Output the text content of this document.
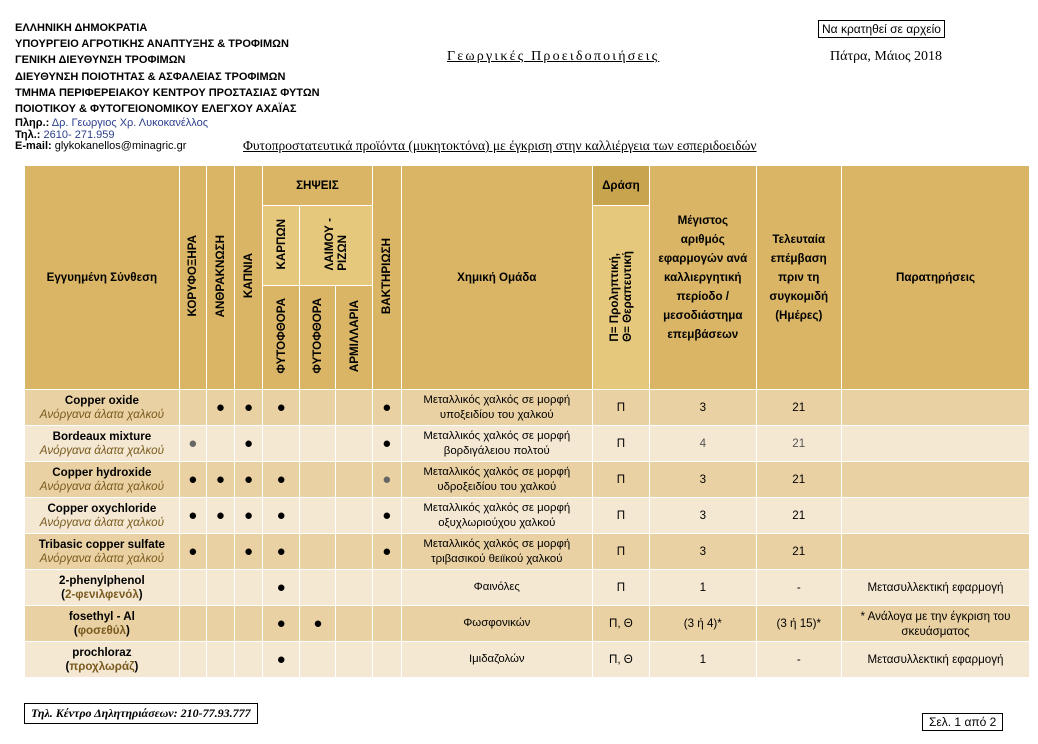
ΕΛΛΗΝΙΚΗ ΔΗΜΟΚΡΑΤΙΑ
ΥΠΟΥΡΓΕΙΟ ΑΓΡΟΤΙΚΗΣ ΑΝΑΠΤΥΞΗΣ & ΤΡΟΦΙΜΩΝ
ΓΕΝΙΚΗ ΔΙΕΥΘΥΝΣΗ ΤΡΟΦΙΜΩΝ
ΔΙΕΥΘΥΝΣΗ ΠΟΙΟΤΗΤΑΣ & ΑΣΦΑΛΕΙΑΣ ΤΡΟΦΙΜΩΝ
ΤΜΗΜΑ ΠΕΡΙΦΕΡΕΙΑΚΟΥ ΚΕΝΤΡΟΥ ΠΡΟΣΤΑΣΙΑΣ ΦΥΤΩΝ
ΠΟΙΟΤΙΚΟΥ & ΦΥΤΟΓΕΙΟΝΟΜΙΚΟΥ ΕΛΕΓΧΟΥ ΑΧΑΪΑΣ
Πληρ.: Δρ. Γεωργιος Χρ. Λυκοκανέλλος
Τηλ.: 2610- 271.959
E-mail: glykokanellos@minagric.gr
Να κρατηθεί σε αρχείο
Γεωργικές Προειδοποιήσεις	Πάτρα, Μάιος 2018
Φυτοπροστατευτικά προϊόντα (μυκητοκτόνα) με έγκριση στην καλλιέργεια των εσπεριδοειδών
Εγγυημένη Σύνθεση	ΚΟΡΥΦΟΞΗΡΑ	ΑΝΘΡΑΚΝΩΣΗ	ΚΑΠΝΙΑ	ΣΗΨΕΙΣ			ΒΑΚΤΗΡΙΩΣΗ	Χημική Ομάδα	Δράση	Μέγιστος αριθμός εφαρμογών ανά καλλιεργητική περίοδο / μεσοδιάστημα επεμβάσεων	Τελευταία επέμβαση πριν τη συγκομιδή (Ημέρες)	Παρατηρήσεις
				ΚΑΡΠΩΝ	ΛΑΙΜΟΥ -ΡΙΖΩΝ				Π= Προληπτική,Θ= Θεραπευτική			
				ΦΥΤΟΦΘΟΡΑ	ΦΥΤΟΦΘΟΡΑ	ΑΡΜΙΛΛΑΡΙΑ						

Copper oxide
Ανόργανα άλατα χαλκού		●	●	●			●	Μεταλλικός χαλκός σε μορφή υποξειδίου του χαλκού	Π	3	21	

Bordeaux mixture
Ανόργανα άλατα χαλκού	●		●				●	Μεταλλικός χαλκός σε μορφή βορδιγάλειου πολτού	Π	4	21	

Copper hydroxide
Ανόργανα άλατα χαλκού	●	●	●	●			●	Μεταλλικός χαλκός σε μορφή υδροξειδίου του χαλκού	Π	3	21	

Copper oxychloride
Ανόργανα άλατα χαλκού	●	●	●	●			●	Μεταλλικός χαλκός σε μορφή οξυχλωριούχου χαλκού	Π	3	21	

Tribasic copper sulfate
Ανόργανα άλατα χαλκού	●		●	●			●	Μεταλλικός χαλκός σε μορφή τριβασικού θειϊκού χαλκού	Π	3	21	

2-phenylphenol
(2-φενιλφενόλ)				●				Φαινόλες	Π	1	-	Μετασυλλεκτική εφαρμογή

fosethyl - Al
(φοσεθύλ)				●	●			Φωσφονικών	Π, Θ	(3 ή 4)*	(3 ή 15)*	* Ανάλογα με την έγκριση του σκευάσματος

prochloraz
(προχλωράζ)				●				Ιμιδαζολών	Π, Θ	1	-	Μετασυλλεκτική εφαρμογή
Τηλ. Κέντρο Δηλητηριάσεων: 210-77.93.777
Σελ. 1 από 2
